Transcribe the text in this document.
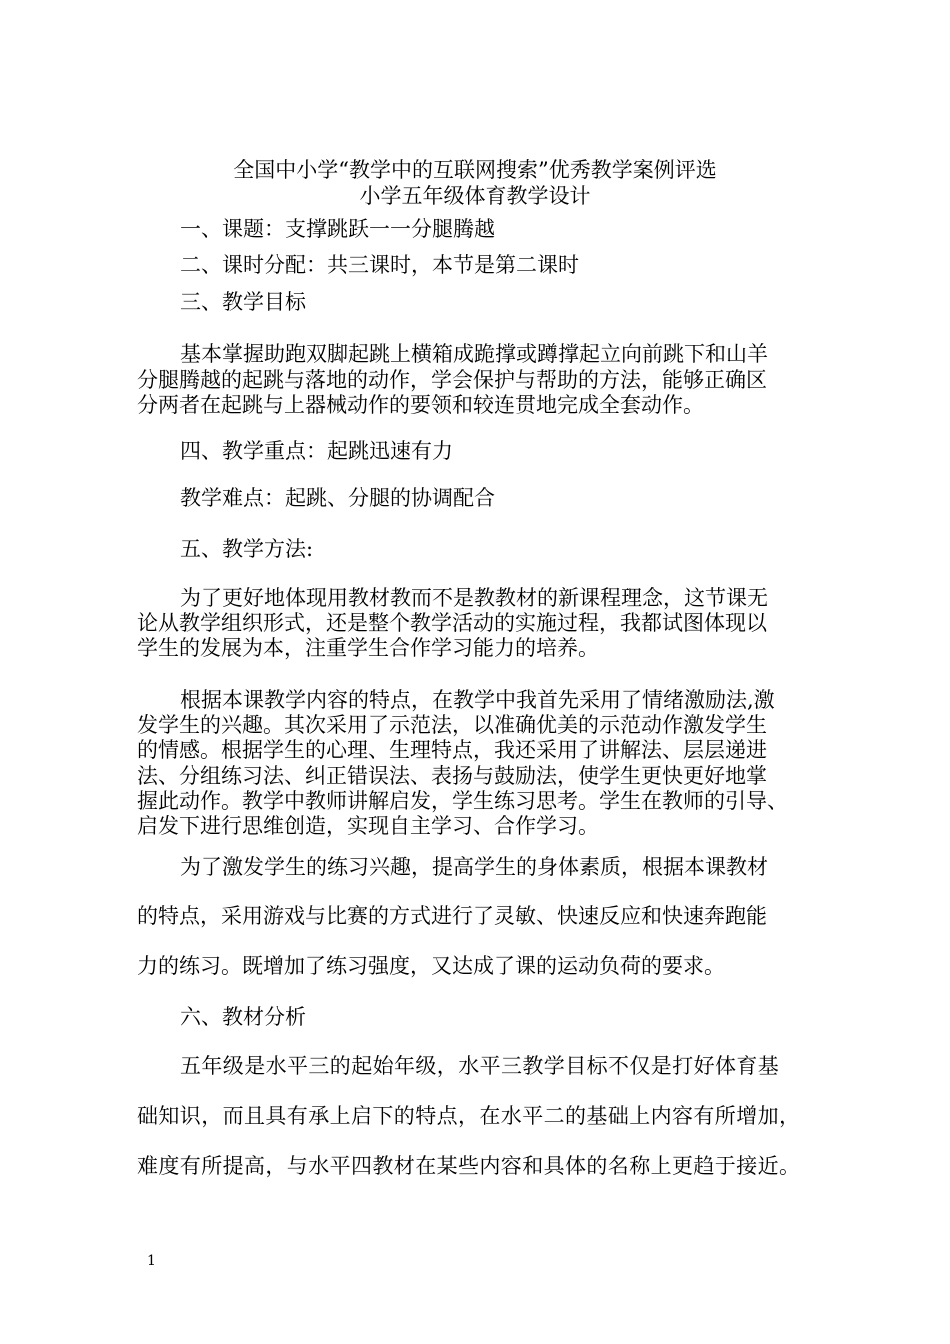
全国中小学“教学中的互联网搜索”优秀教学案例评选

小学五年级体育教学设计

一、课题：支撑跳跃一一分腿腾越

二、课时分配：共三课时，本节是第二课时

三、教学目标

基本掌握助跑双脚起跳上横箱成跪撑或蹲撑起立向前跳下和山羊

分腿腾越的起跳与落地的动作，学会保护与帮助的方法，能够正确区

分两者在起跳与上器械动作的要领和较连贯地完成全套动作。

四、教学重点：起跳迅速有力

教学难点：起跳、分腿的协调配合

五、教学方法:

为了更好地体现用教材教而不是教教材的新课程理念，这节课无

论从教学组织形式，还是整个教学活动的实施过程，我都试图体现以

学生的发展为本，注重学生合作学习能力的培养。

根据本课教学内容的特点，在教学中我首先采用了情绪激励法,激

发学生的兴趣。其次采用了示范法，以准确优美的示范动作激发学生

的情感。根据学生的心理、生理特点，我还采用了讲解法、层层递进

法、分组练习法、纠正错误法、表扬与鼓励法，使学生更快更好地掌

握此动作。教学中教师讲解启发，学生练习思考。学生在教师的引导、

启发下进行思维创造，实现自主学习、合作学习。

为了激发学生的练习兴趣，提高学生的身体素质，根据本课教材

的特点，采用游戏与比赛的方式进行了灵敏、快速反应和快速奔跑能

力的练习。既增加了练习强度，又达成了课的运动负荷的要求。

六、教材分析

五年级是水平三的起始年级，水平三教学目标不仅是打好体育基

础知识，而且具有承上启下的特点，在水平二的基础上内容有所增加，

难度有所提高，与水平四教材在某些内容和具体的名称上更趋于接近。

1
